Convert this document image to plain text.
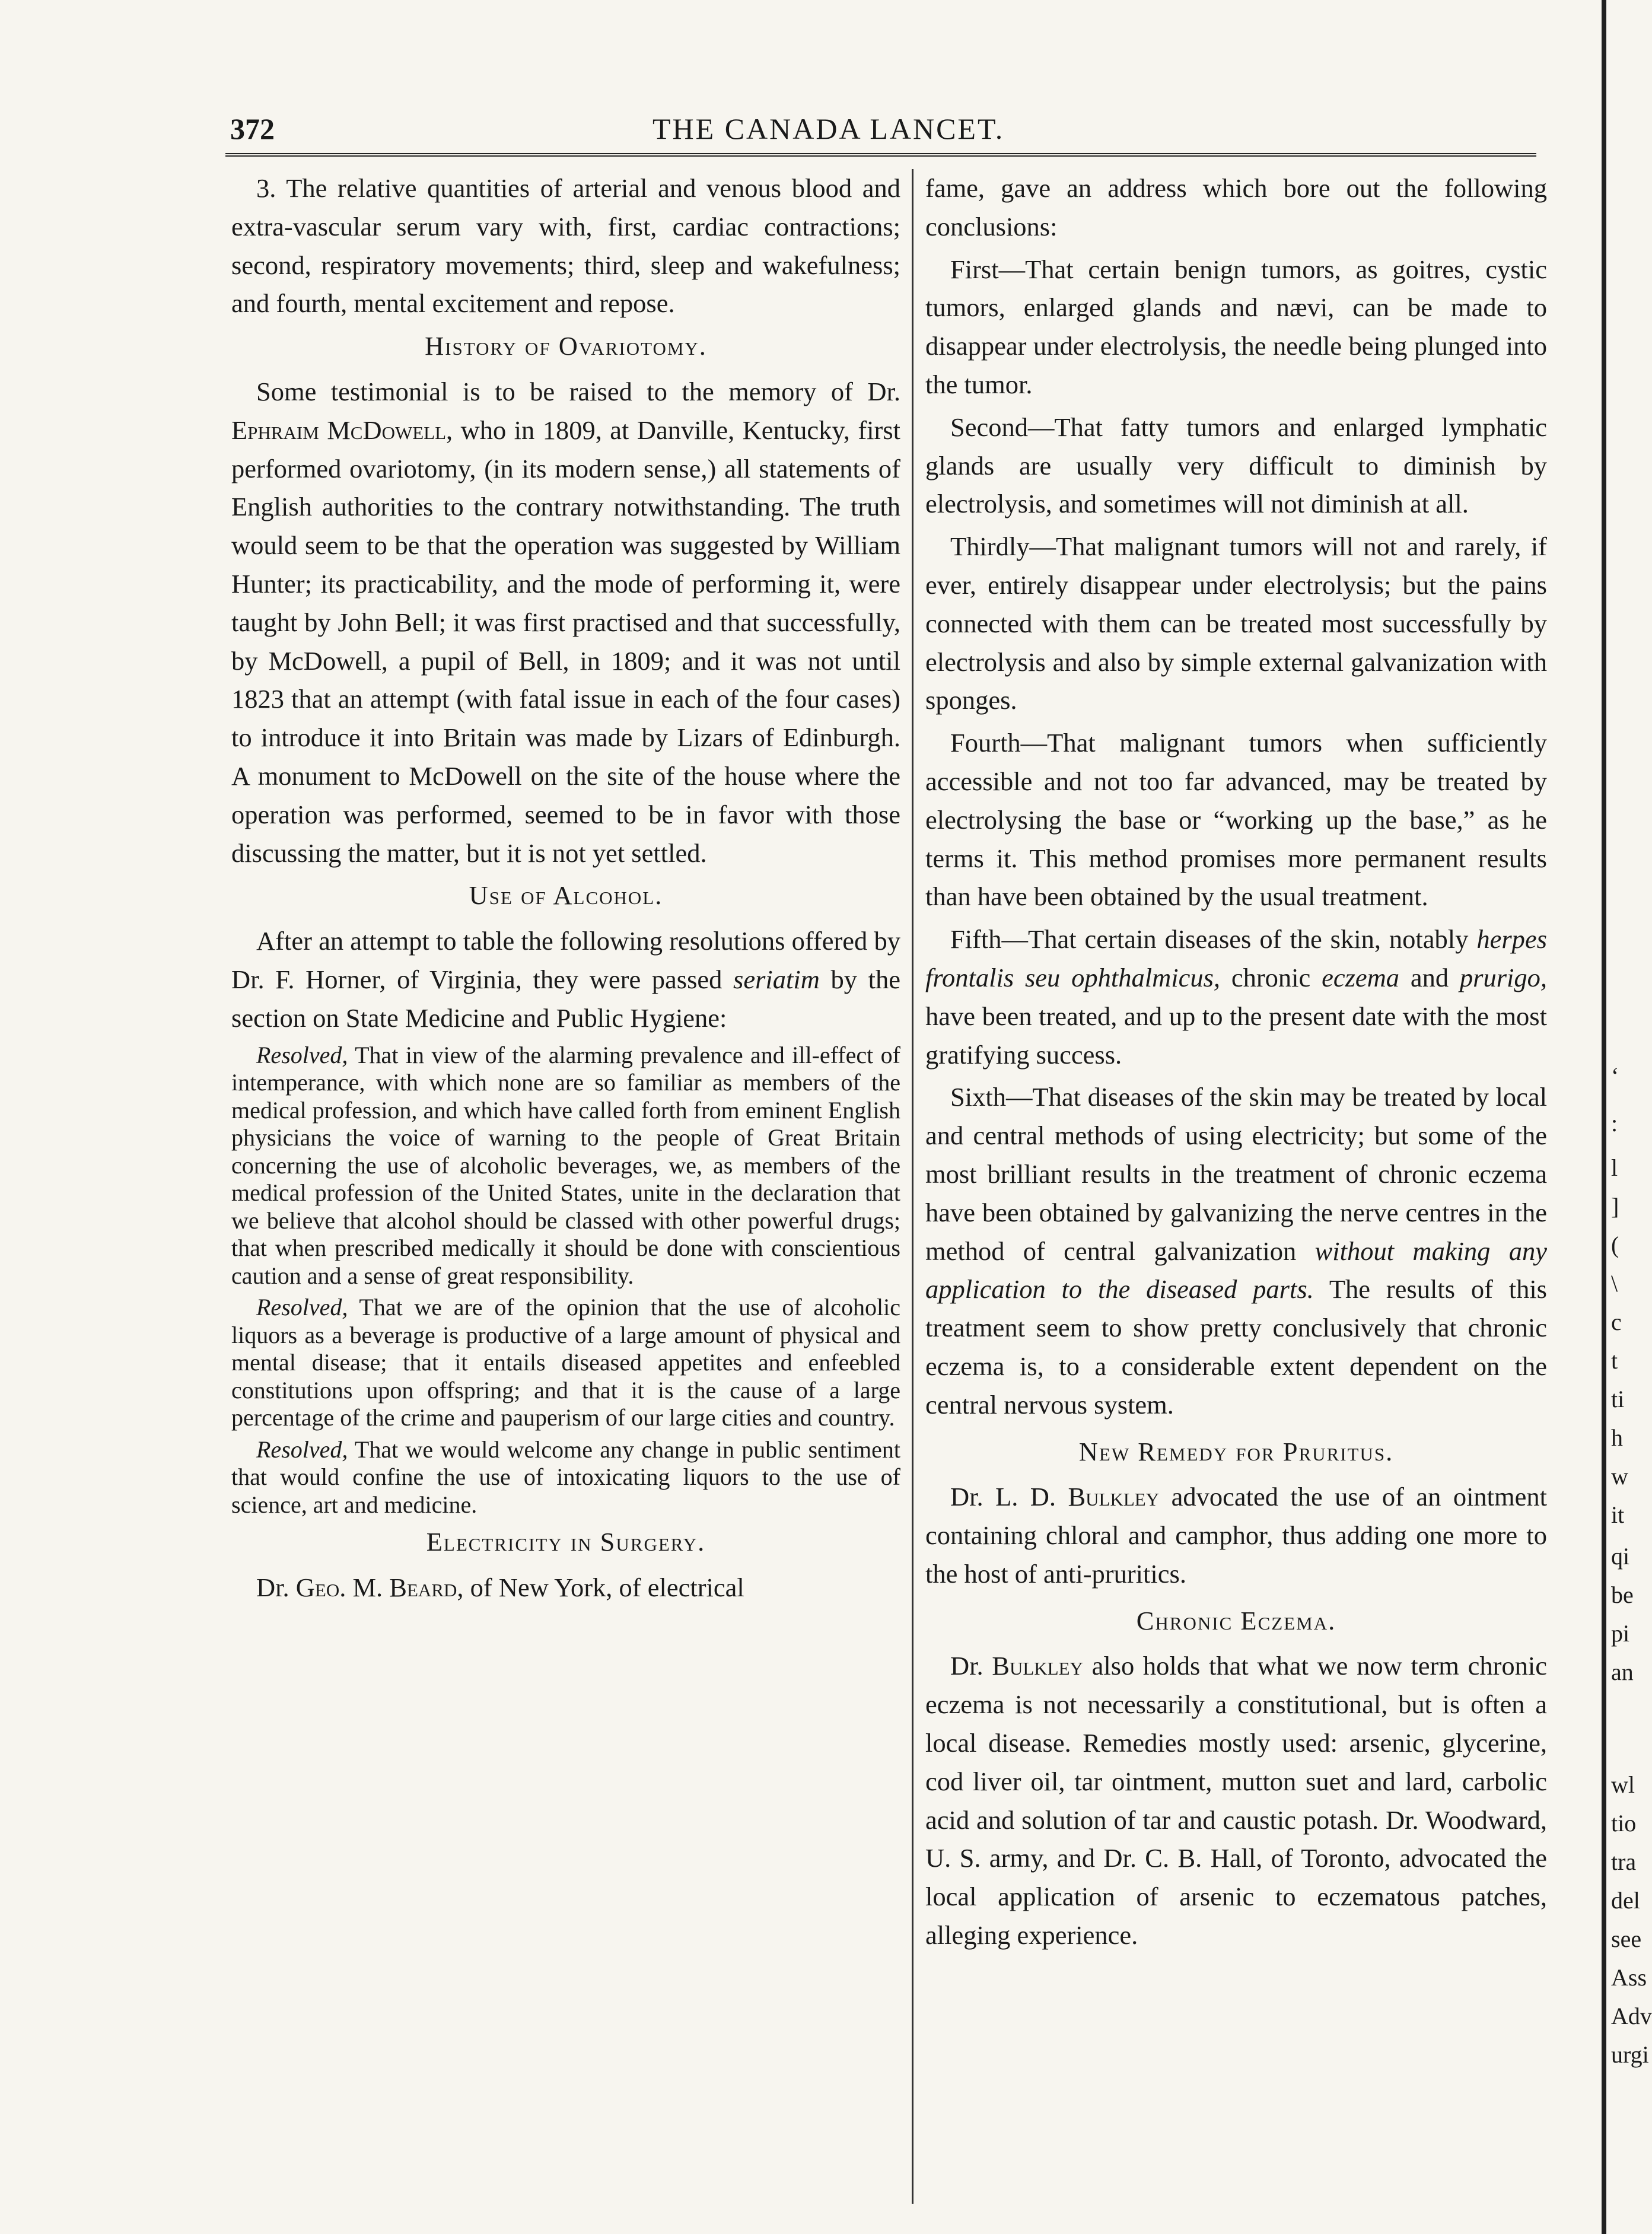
372	THE CANADA LANCET.

3. The relative quantities of arterial and venous blood and extra-vascular serum vary with, first, cardiac contractions; second, respiratory movements; third, sleep and wakefulness; and fourth, mental excitement and repose.

History of Ovariotomy.

Some testimonial is to be raised to the memory of Dr. Ephraim McDowell, who in 1809, at Danville, Kentucky, first performed ovariotomy, (in its modern sense,) all statements of English authorities to the contrary notwithstanding. The truth would seem to be that the operation was suggested by William Hunter; its practicability, and the mode of performing it, were taught by John Bell; it was first practised and that successfully, by McDowell, a pupil of Bell, in 1809; and it was not until 1823 that an attempt (with fatal issue in each of the four cases) to introduce it into Britain was made by Lizars of Edinburgh. A monument to McDowell on the site of the house where the operation was performed, seemed to be in favor with those discussing the matter, but it is not yet settled.

Use of Alcohol.

After an attempt to table the following resolutions offered by Dr. F. Horner, of Virginia, they were passed seriatim by the section on State Medicine and Public Hygiene:

Resolved, That in view of the alarming prevalence and ill-effect of intemperance, with which none are so familiar as members of the medical profession, and which have called forth from eminent English physicians the voice of warning to the people of Great Britain concerning the use of alcoholic beverages, we, as members of the medical profession of the United States, unite in the declaration that we believe that alcohol should be classed with other powerful drugs; that when prescribed medically it should be done with conscientious caution and a sense of great responsibility.

Resolved, That we are of the opinion that the use of alcoholic liquors as a beverage is productive of a large amount of physical and mental disease; that it entails diseased appetites and enfeebled constitutions upon offspring; and that it is the cause of a large percentage of the crime and pauperism of our large cities and country.

Resolved, That we would welcome any change in public sentiment that would confine the use of intoxicating liquors to the use of science, art and medicine.

Electricity in Surgery.

Dr. Geo. M. Beard, of New York, of electrical

fame, gave an address which bore out the following conclusions:

First—That certain benign tumors, as goitres, cystic tumors, enlarged glands and nævi, can be made to disappear under electrolysis, the needle being plunged into the tumor.

Second—That fatty tumors and enlarged lymphatic glands are usually very difficult to diminish by electrolysis, and sometimes will not diminish at all.

Thirdly—That malignant tumors will not and rarely, if ever, entirely disappear under electrolysis; but the pains connected with them can be treated most successfully by electrolysis and also by simple external galvanization with sponges.

Fourth—That malignant tumors when sufficiently accessible and not too far advanced, may be treated by electrolysing the base or “working up the base,” as he terms it. This method promises more permanent results than have been obtained by the usual treatment.

Fifth—That certain diseases of the skin, notably herpes frontalis seu ophthalmicus, chronic eczema and prurigo, have been treated, and up to the present date with the most gratifying success.

Sixth—That diseases of the skin may be treated by local and central methods of using electricity; but some of the most brilliant results in the treatment of chronic eczema have been obtained by galvanizing the nerve centres in the method of central galvanization without making any application to the diseased parts. The results of this treatment seem to show pretty conclusively that chronic eczema is, to a considerable extent dependent on the central nervous system.

New Remedy for Pruritus.

Dr. L. D. Bulkley advocated the use of an ointment containing chloral and camphor, thus adding one more to the host of anti-pruritics.

Chronic Eczema.

Dr. Bulkley also holds that what we now term chronic eczema is not necessarily a constitutional, but is often a local disease. Remedies mostly used: arsenic, glycerine, cod liver oil, tar ointment, mutton suet and lard, carbolic acid and solution of tar and caustic potash. Dr. Woodward, U. S. army, and Dr. C. B. Hall, of Toronto, advocated the local application of arsenic to eczematous patches, alleging experience.

‘
:
l
]
(
\
c
t
ti
h
w
it
qi
be
pi
an
wl
tio
tra
del
see
Ass
Adv
urgi
